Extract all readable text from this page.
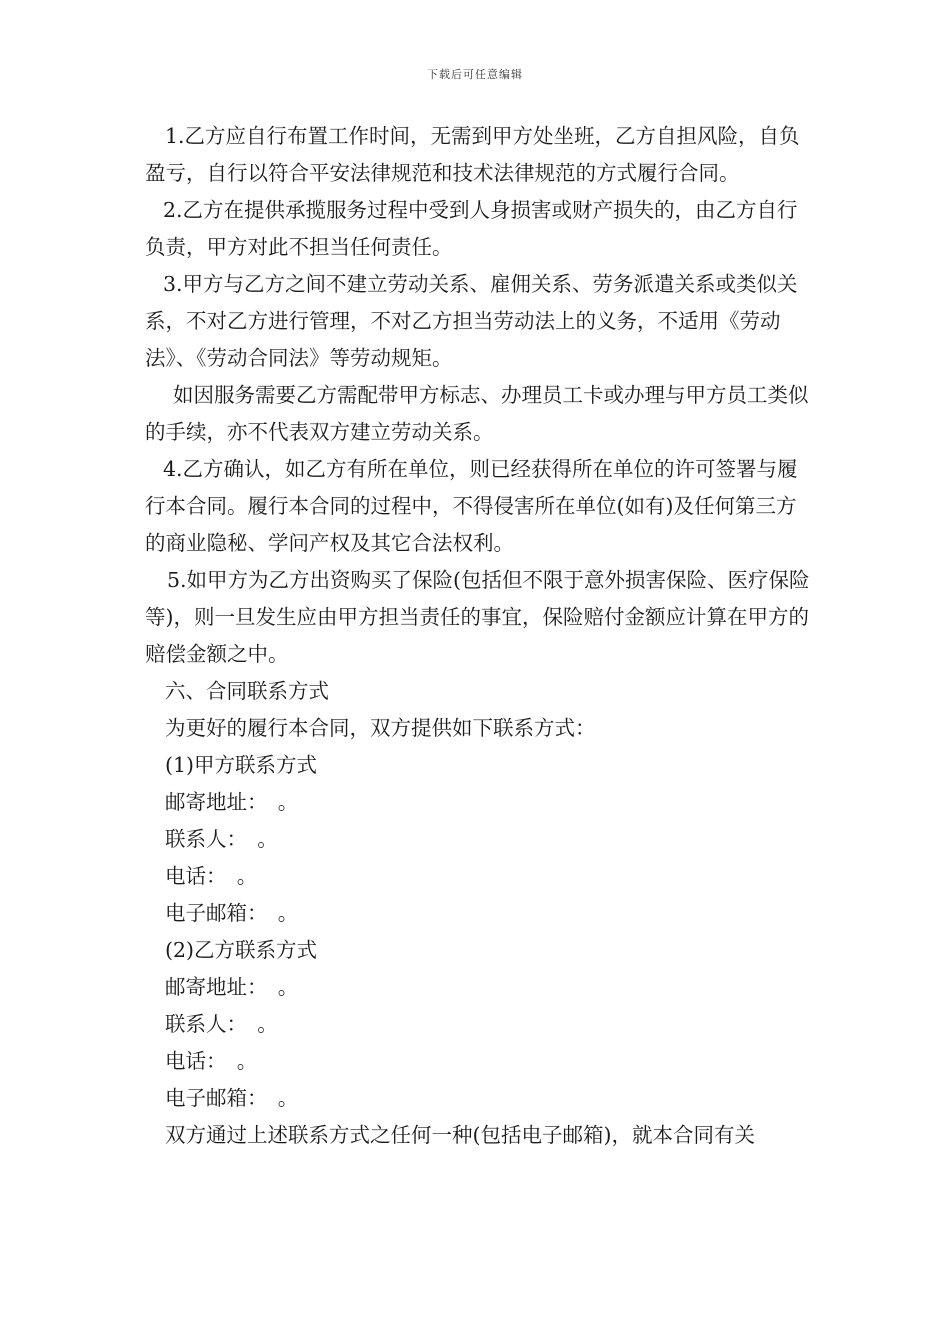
下载后可任意编辑

1.乙方应自行布置工作时间，无需到甲方处坐班，乙方自担风险，自负盈亏，自行以符合平安法律规范和技术法律规范的方式履行合同。

2.乙方在提供承揽服务过程中受到人身损害或财产损失的，由乙方自行负责，甲方对此不担当任何责任。

3.甲方与乙方之间不建立劳动关系、雇佣关系、劳务派遣关系或类似关系，不对乙方进行管理，不对乙方担当劳动法上的义务，不适用《劳动法》、《劳动合同法》等劳动规矩。

如因服务需要乙方需配带甲方标志、办理员工卡或办理与甲方员工类似的手续，亦不代表双方建立劳动关系。

4.乙方确认，如乙方有所在单位，则已经获得所在单位的许可签署与履行本合同。履行本合同的过程中，不得侵害所在单位(如有)及任何第三方的商业隐秘、学问产权及其它合法权利。

5.如甲方为乙方出资购买了保险(包括但不限于意外损害保险、医疗保险等)，则一旦发生应由甲方担当责任的事宜，保险赔付金额应计算在甲方的赔偿金额之中。

六、合同联系方式

为更好的履行本合同，双方提供如下联系方式：

(1)甲方联系方式

邮寄地址：　。

联系人：　。

电话：　。

电子邮箱：　。

(2)乙方联系方式

邮寄地址：　。

联系人：　。

电话：　。

电子邮箱：　。

双方通过上述联系方式之任何一种(包括电子邮箱)，就本合同有关
